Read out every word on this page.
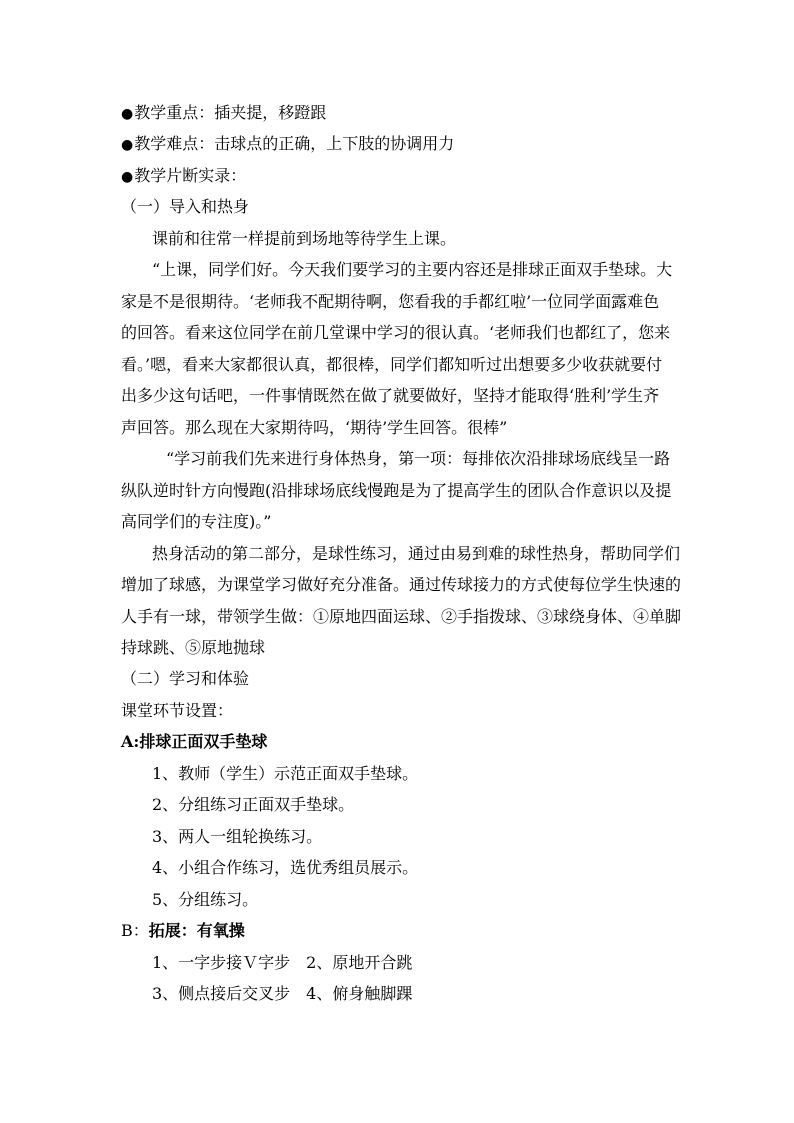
●教学重点：插夹提，移蹬跟
●教学难点：击球点的正确，上下肢的协调用力
●教学片断实录：
（一）导入和热身
课前和往常一样提前到场地等待学生上课。
“上课，同学们好。今天我们要学习的主要内容还是排球正面双手垫球。大
家是不是很期待。‘老师我不配期待啊，您看我的手都红啦’一位同学面露难色
的回答。看来这位同学在前几堂课中学习的很认真。‘老师我们也都红了，您来
看。’嗯，看来大家都很认真，都很棒，同学们都知听过出想要多少收获就要付
出多少这句话吧，一件事情既然在做了就要做好，坚持才能取得‘胜利’学生齐
声回答。那么现在大家期待吗，‘期待’学生回答。很棒”
“学习前我们先来进行身体热身，第一项：每排依次沿排球场底线呈一路
纵队逆时针方向慢跑(沿排球场底线慢跑是为了提高学生的团队合作意识以及提
高同学们的专注度)。”
热身活动的第二部分，是球性练习，通过由易到难的球性热身，帮助同学们
增加了球感，为课堂学习做好充分准备。通过传球接力的方式使每位学生快速的
人手有一球，带领学生做：①原地四面运球、②手指拨球、③球绕身体、④单脚
持球跳、⑤原地抛球
（二）学习和体验
课堂环节设置：
A:排球正面双手垫球
1、教师（学生）示范正面双手垫球。
2、分组练习正面双手垫球。
3、两人一组轮换练习。
4、小组合作练习，选优秀组员展示。
5、分组练习。
B：拓展：有氧操
1、一字步接Ｖ字步　2、原地开合跳
3、侧点接后交叉步　4、俯身触脚踝
